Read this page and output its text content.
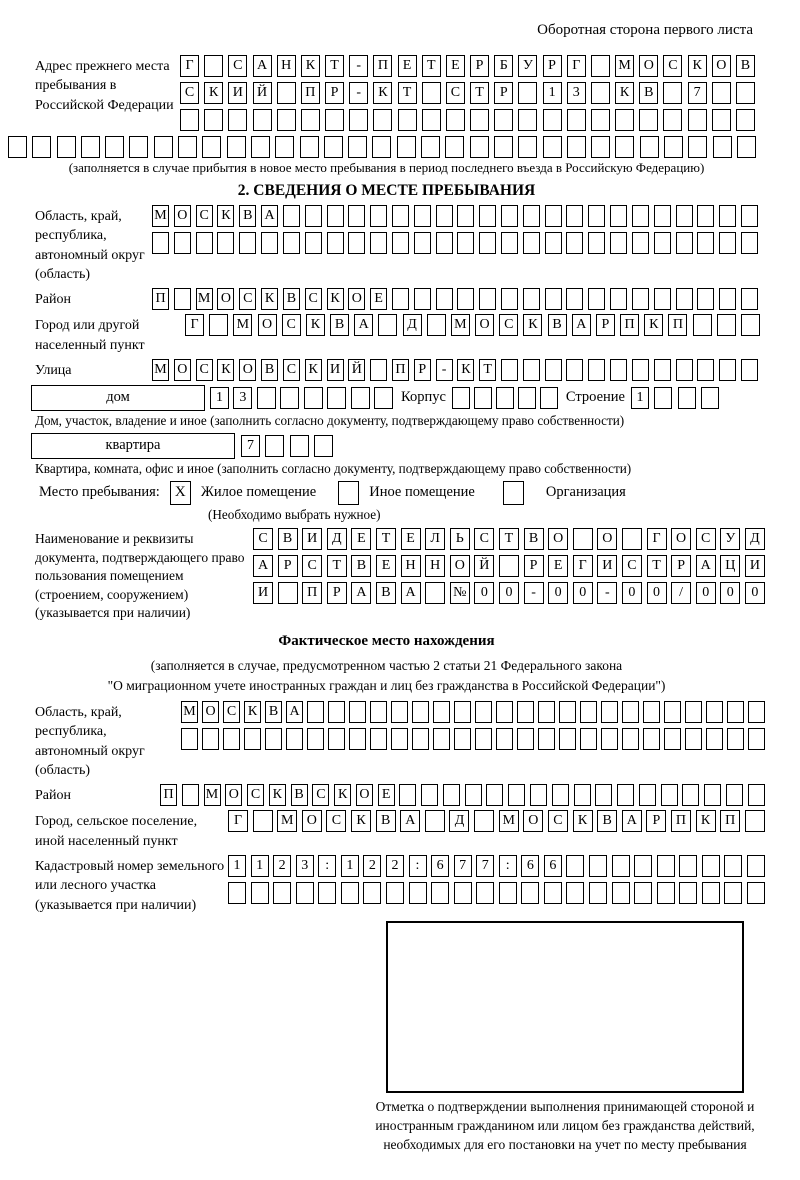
Оборотная сторона первого листа
Адрес прежнего места пребывания в Российской Федерации
Г	С	А	Н	К	Т	-	П	Е	Т	Е	Р	Б	У	Р	Г	М О	С	К	О	В
С	К	И	Й	П	Р	-	К	Т	С	Т	Р	1	3	К	В	7
(заполняется в случае прибытия в новое место пребывания в период последнего въезда в Российскую Федерацию)
2. СВЕДЕНИЯ О МЕСТЕ ПРЕБЫВАНИЯ
Область, край, республика, автономный округ (область)
М О С К В А
Район	П М О С К В С К О Е
Город или другой населенный пункт
Г	М О	С	К	В	А	Д	М О	С	К	В	А	Р	П	К	П
Улица	М О С К О В С К И Й П Р	-	К Т
дом	1	3	Корпус	Строение 1
Дом, участок, владение и иное (заполнить согласно документу, подтверждающему право собственности)
квартира	7
Квартира, комната, офис и иное (заполнить согласно документу, подтверждающему право собственности)
Место пребывания:	X	Жилое помещение	Иное помещение	Организация
(Необходимо выбрать нужное)
Наименование и реквизиты документа, подтверждающего право пользования помещением (строением, сооружением) (указывается при наличии)
С	В	И	Д	Е	Т	Е	Л	Ь	С	Т	В	О	О	Г	О	С	У	Д
А	Р	С	Т	В	Е	Н	Н	О	Й	Р	Е	Г	И	С	Т	Р	А	Ц	И
И	П	Р	А	В	А	№	0	0	-	0	0	-	0	0	/	0	0	0
Фактическое место нахождения
(заполняется в случае, предусмотренном частью 2 статьи 21 Федерального закона
"О миграционном учете иностранных граждан и лиц без гражданства в Российской Федерации")
Область, край, республика, автономный округ (область)
М О С К В А
Район	П М О С К В С К О Е
Город, сельское поселение, иной населенный пункт
Г	М О	С	К	В	А	Д	М О	С	К	В	А	Р	П	К	П
Кадастровый номер земельного или лесного участка (указывается при наличии)
1	1	2	3	:	1	2	2	:	6	7	7	:	6	6
Отметка о подтверждении выполнения принимающей стороной и иностранным гражданином или лицом без гражданства действий, необходимых для его постановки на учет по месту пребывания
